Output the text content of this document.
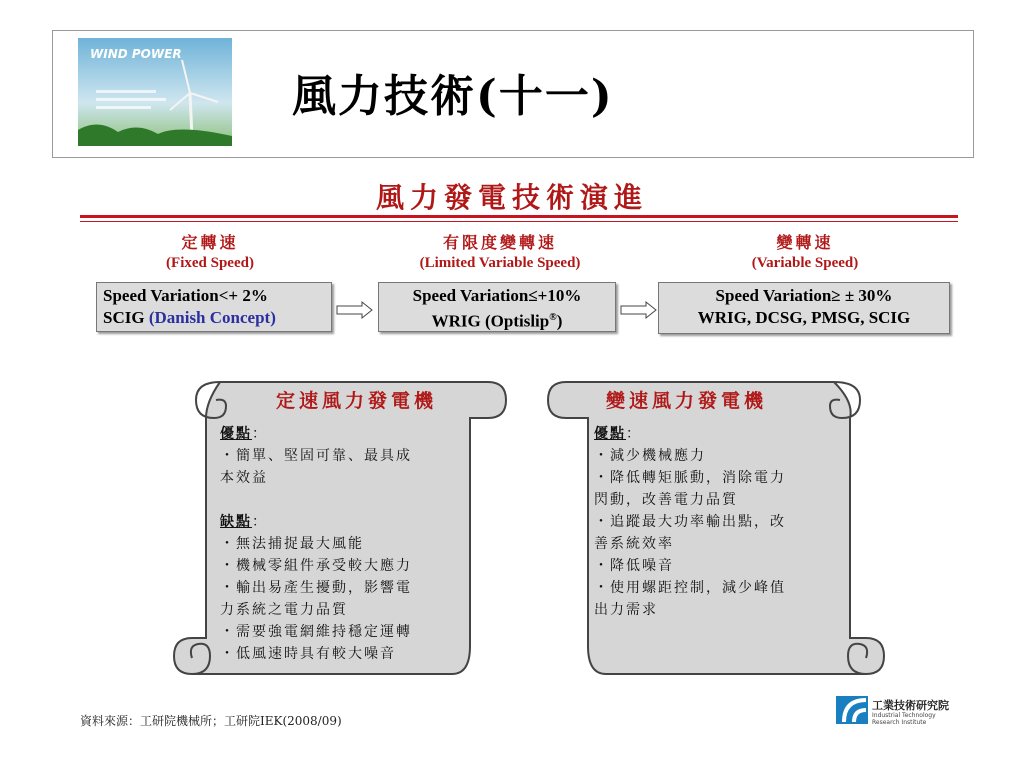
WIND POWER
風力技術(十一)
風力發電技術演進
定轉速
(Fixed Speed)
有限度變轉速
(Limited Variable Speed)
變轉速
(Variable Speed)
Speed Variation<+ 2%
SCIG (Danish Concept)
Speed Variation≤+10%
WRIG (Optislip®)
Speed Variation≥ ± 30%
WRIG, DCSG, PMSG, SCIG
定速風力發電機
優點：
・簡單、堅固可靠、最具成
本效益
缺點：
・無法捕捉最大風能
・機械零組件承受較大應力
・輸出易產生擾動，影響電
力系統之電力品質
・需要強電網維持穩定運轉
・低風速時具有較大噪音
變速風力發電機
優點：
・減少機械應力
・降低轉矩脈動，消除電力
閃動，改善電力品質
・追蹤最大功率輸出點，改
善系統效率
・降低噪音
・使用螺距控制，減少峰值
出力需求
資料來源：工研院機械所；工研院IEK(2008/09)
工業技術研究院
Industrial Technology
Research Institute
